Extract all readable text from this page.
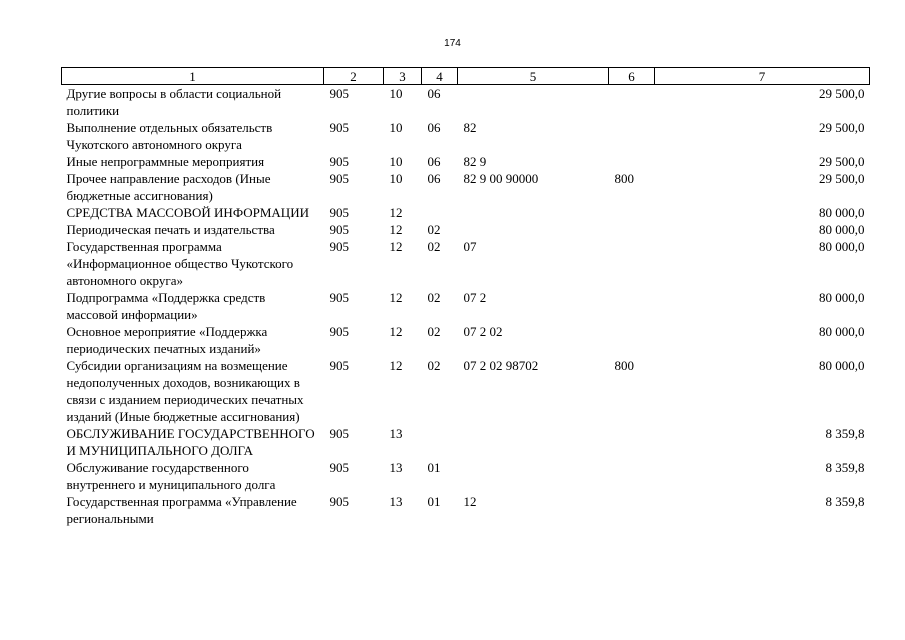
174
1	2	3	4	5	6	7
Другие вопросы в области социальной политики	905	10	06			29 500,0
Выполнение отдельных обязательств Чукотского автономного округа	905	10	06	82		29 500,0
Иные непрограммные мероприятия	905	10	06	82 9		29 500,0
Прочее направление расходов (Иные бюджетные ассигнования)	905	10	06	82 9 00 90000	800	29 500,0
СРЕДСТВА МАССОВОЙ ИНФОРМАЦИИ	905	12				80 000,0
Периодическая печать и издательства	905	12	02			80 000,0
Государственная программа «Информационное общество Чукотского автономного округа»	905	12	02	07		80 000,0
Подпрограмма «Поддержка средств массовой информации»	905	12	02	07 2		80 000,0
Основное мероприятие «Поддержка периодических печатных изданий»	905	12	02	07 2 02		80 000,0
Субсидии организациям на возмещение недополученных доходов, возникающих в связи с изданием периодических печатных изданий (Иные бюджетные ассигнования)	905	12	02	07 2 02 98702	800	80 000,0
ОБСЛУЖИВАНИЕ ГОСУДАРСТВЕННОГО И МУНИЦИПАЛЬНОГО ДОЛГА	905	13				8 359,8
Обслуживание государственного внутреннего и муниципального долга	905	13	01			8 359,8
Государственная программа «Управление региональными	905	13	01	12		8 359,8
